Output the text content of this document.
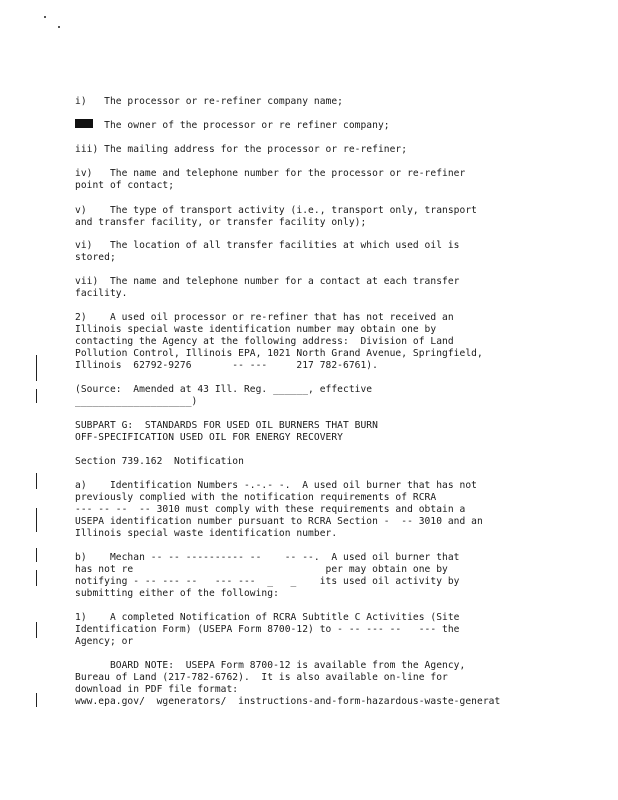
i)   The processor or re-refiner company name;
The owner of the processor or re refiner company;
iii) The mailing address for the processor or re-refiner;
iv)   The name and telephone number for the processor or re-refiner
point of contact;
v)    The type of transport activity (i.e., transport only, transport
and transfer facility, or transfer facility only);
vi)   The location of all transfer facilities at which used oil is
stored;
vii)  The name and telephone number for a contact at each transfer
facility.
2)    A used oil processor or re-refiner that has not received an
Illinois special waste identification number may obtain one by
contacting the Agency at the following address:  Division of Land
Pollution Control, Illinois EPA, 1021 North Grand Avenue, Springfield,
Illinois  62792-9276       -- ---     217 782-6761).
(Source:  Amended at 43 Ill. Reg. ______, effective
____________________)
SUBPART G:  STANDARDS FOR USED OIL BURNERS THAT BURN
OFF-SPECIFICATION USED OIL FOR ENERGY RECOVERY
Section 739.162  Notification
a)    Identification Numbers -.-.- -.  A used oil burner that has not
previously complied with the notification requirements of RCRA
--- -- --  -- 3010 must comply with these requirements and obtain a
USEPA identification number pursuant to RCRA Section -  -- 3010 and an
Illinois special waste identification number.
b)    Mechan -- -- ---------- --    -- --.  A used oil burner that
has not re                                 per may obtain one by
notifying - -- --- --   --- ---  _   _    its used oil activity by
submitting either of the following:
1)    A completed Notification of RCRA Subtitle C Activities (Site
Identification Form) (USEPA Form 8700-12) to - -- --- --   --- the
Agency; or
BOARD NOTE:  USEPA Form 8700-12 is available from the Agency,
Bureau of Land (217-782-6762).  It is also available on-line for
download in PDF file format:
www.epa.gov/  wgenerators/  instructions-and-form-hazardous-waste-generat
